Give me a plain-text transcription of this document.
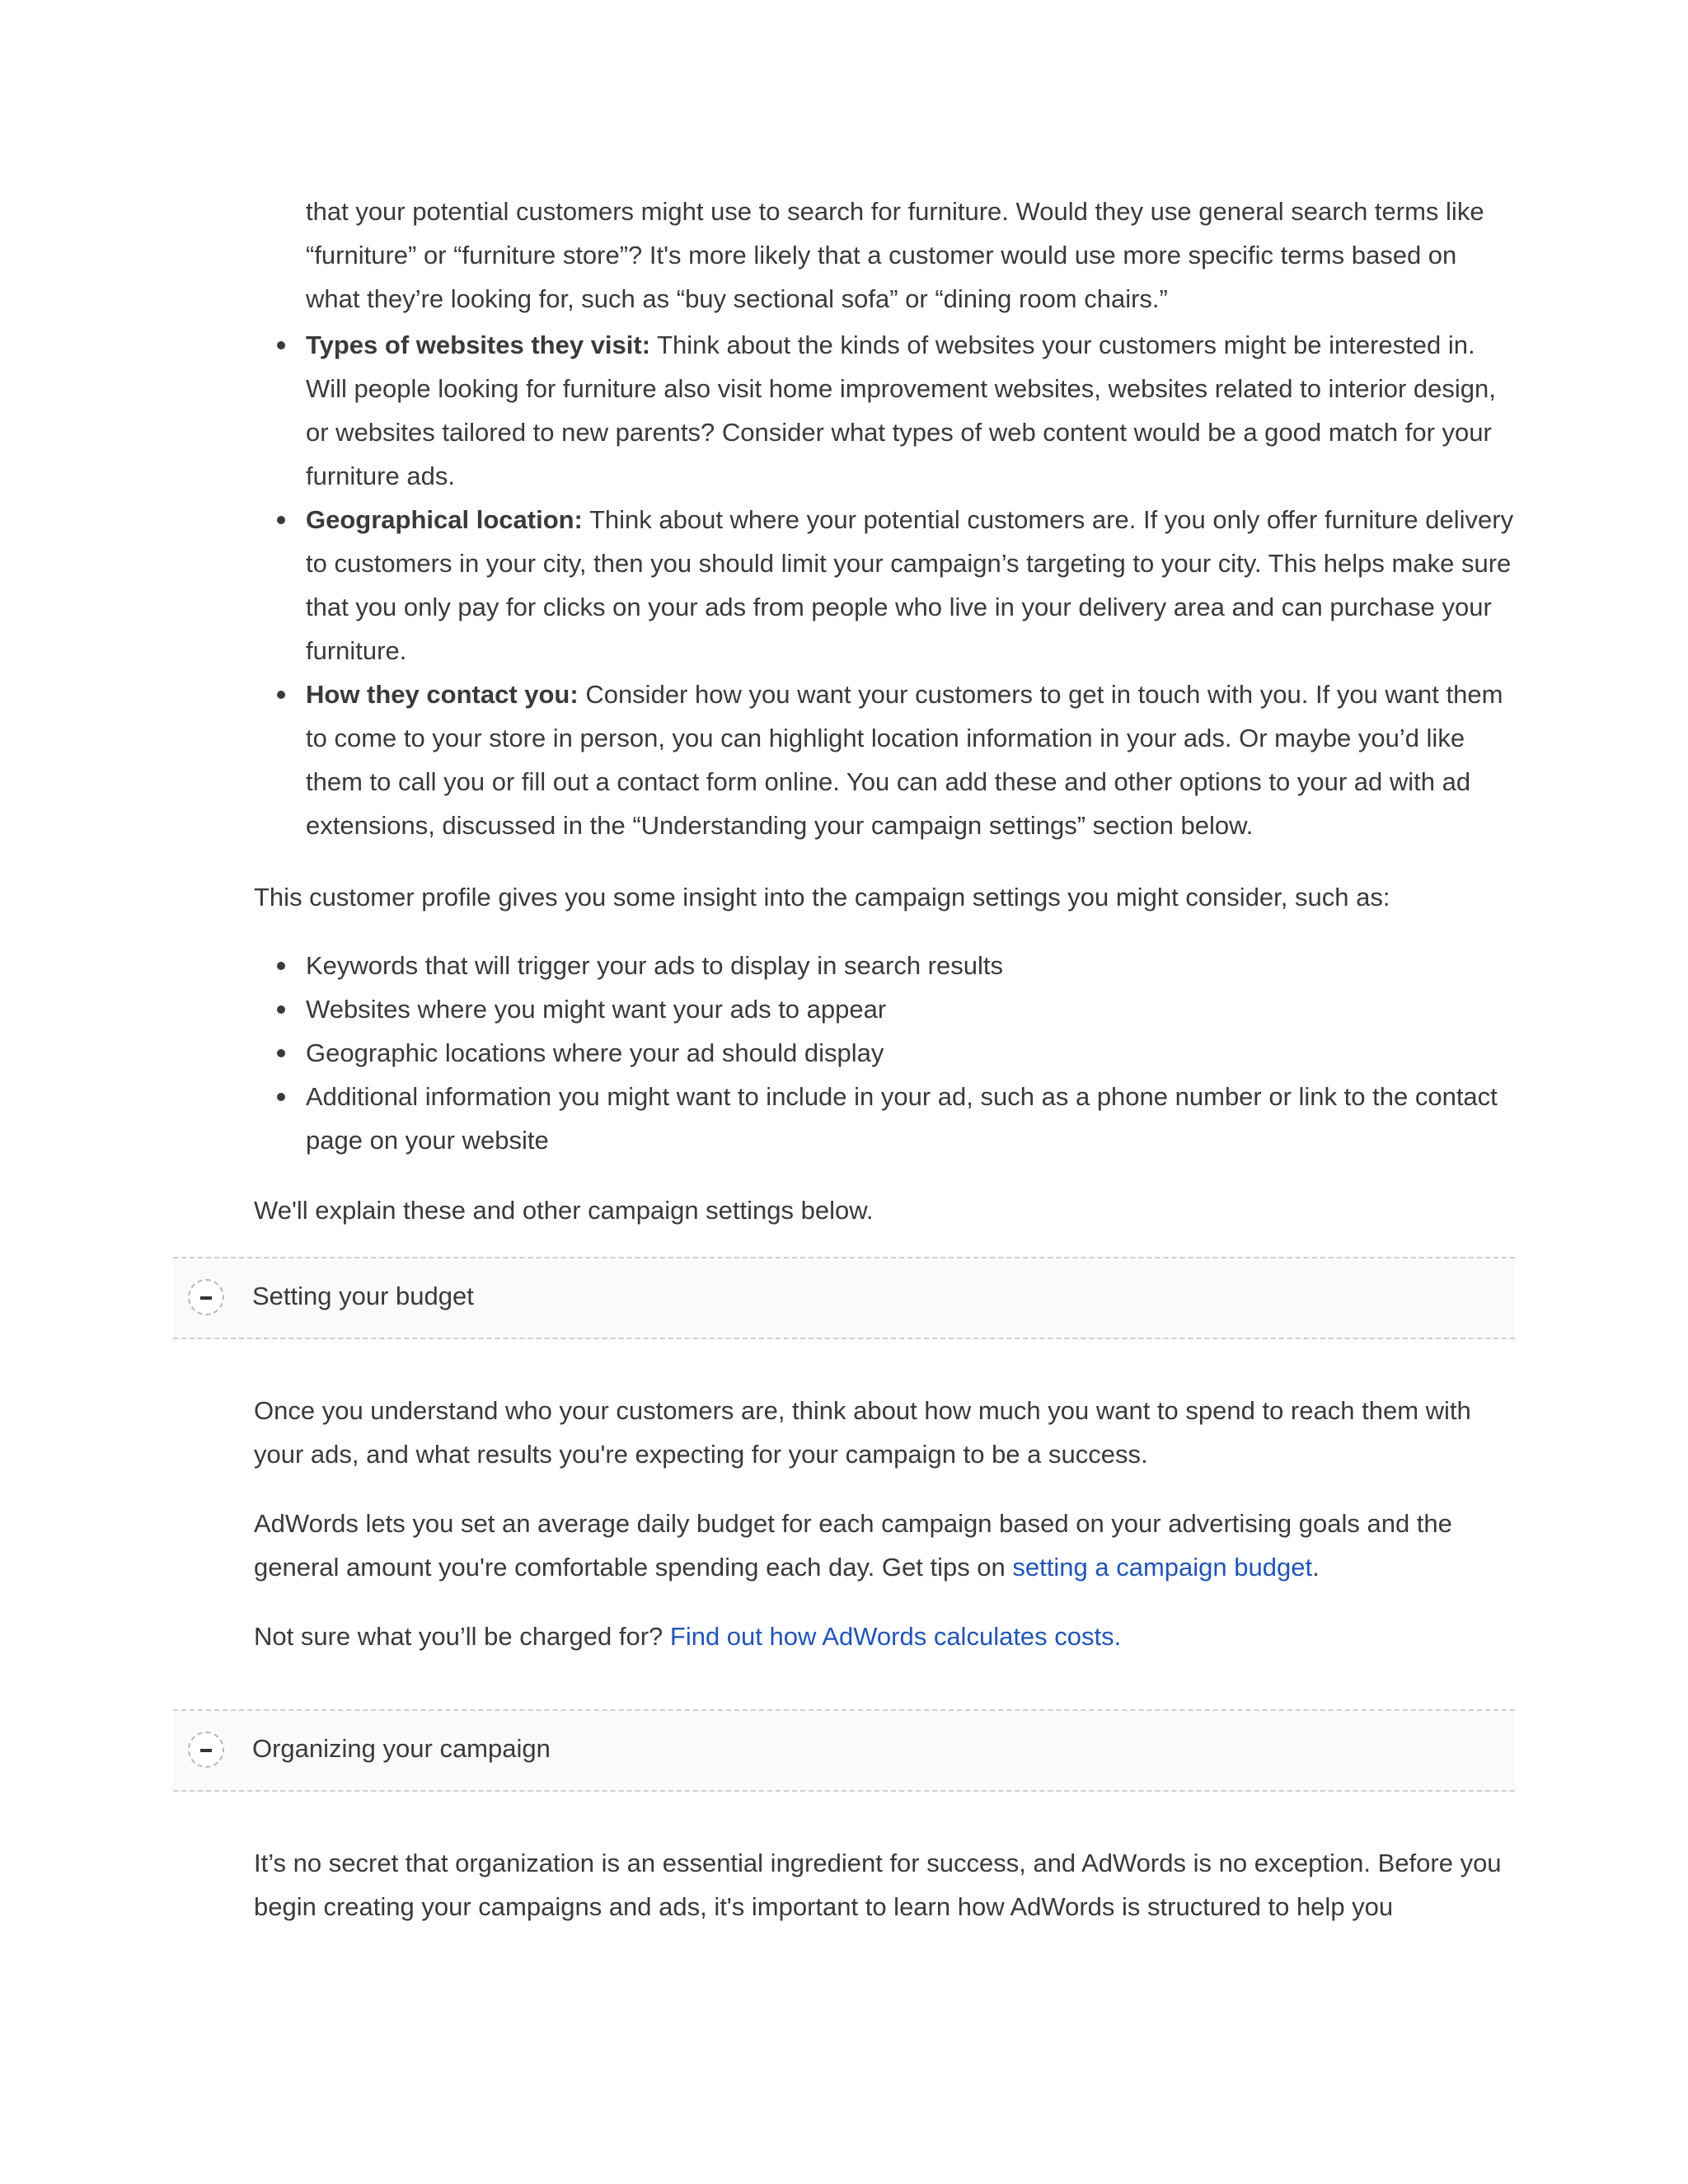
that your potential customers might use to search for furniture. Would they use general search terms like “furniture” or “furniture store”? It's more likely that a customer would use more specific terms based on what they’re looking for, such as “buy sectional sofa” or “dining room chairs.”

Types of websites they visit: Think about the kinds of websites your customers might be interested in. Will people looking for furniture also visit home improvement websites, websites related to interior design, or websites tailored to new parents? Consider what types of web content would be a good match for your furniture ads.
Geographical location: Think about where your potential customers are. If you only offer furniture delivery to customers in your city, then you should limit your campaign’s targeting to your city. This helps make sure that you only pay for clicks on your ads from people who live in your delivery area and can purchase your furniture.
How they contact you: Consider how you want your customers to get in touch with you. If you want them to come to your store in person, you can highlight location information in your ads. Or maybe you’d like them to call you or fill out a contact form online. You can add these and other options to your ad with ad extensions, discussed in the “Understanding your campaign settings” section below.

This customer profile gives you some insight into the campaign settings you might consider, such as:

Keywords that will trigger your ads to display in search results
Websites where you might want your ads to appear
Geographic locations where your ad should display
Additional information you might want to include in your ad, such as a phone number or link to the contact page on your website

We'll explain these and other campaign settings below.

Setting your budget

Once you understand who your customers are, think about how much you want to spend to reach them with your ads, and what results you're expecting for your campaign to be a success.

AdWords lets you set an average daily budget for each campaign based on your advertising goals and the general amount you're comfortable spending each day. Get tips on setting a campaign budget.

Not sure what you’ll be charged for? Find out how AdWords calculates costs.

Organizing your campaign

It’s no secret that organization is an essential ingredient for success, and AdWords is no exception. Before you begin creating your campaigns and ads, it's important to learn how AdWords is structured to help you
